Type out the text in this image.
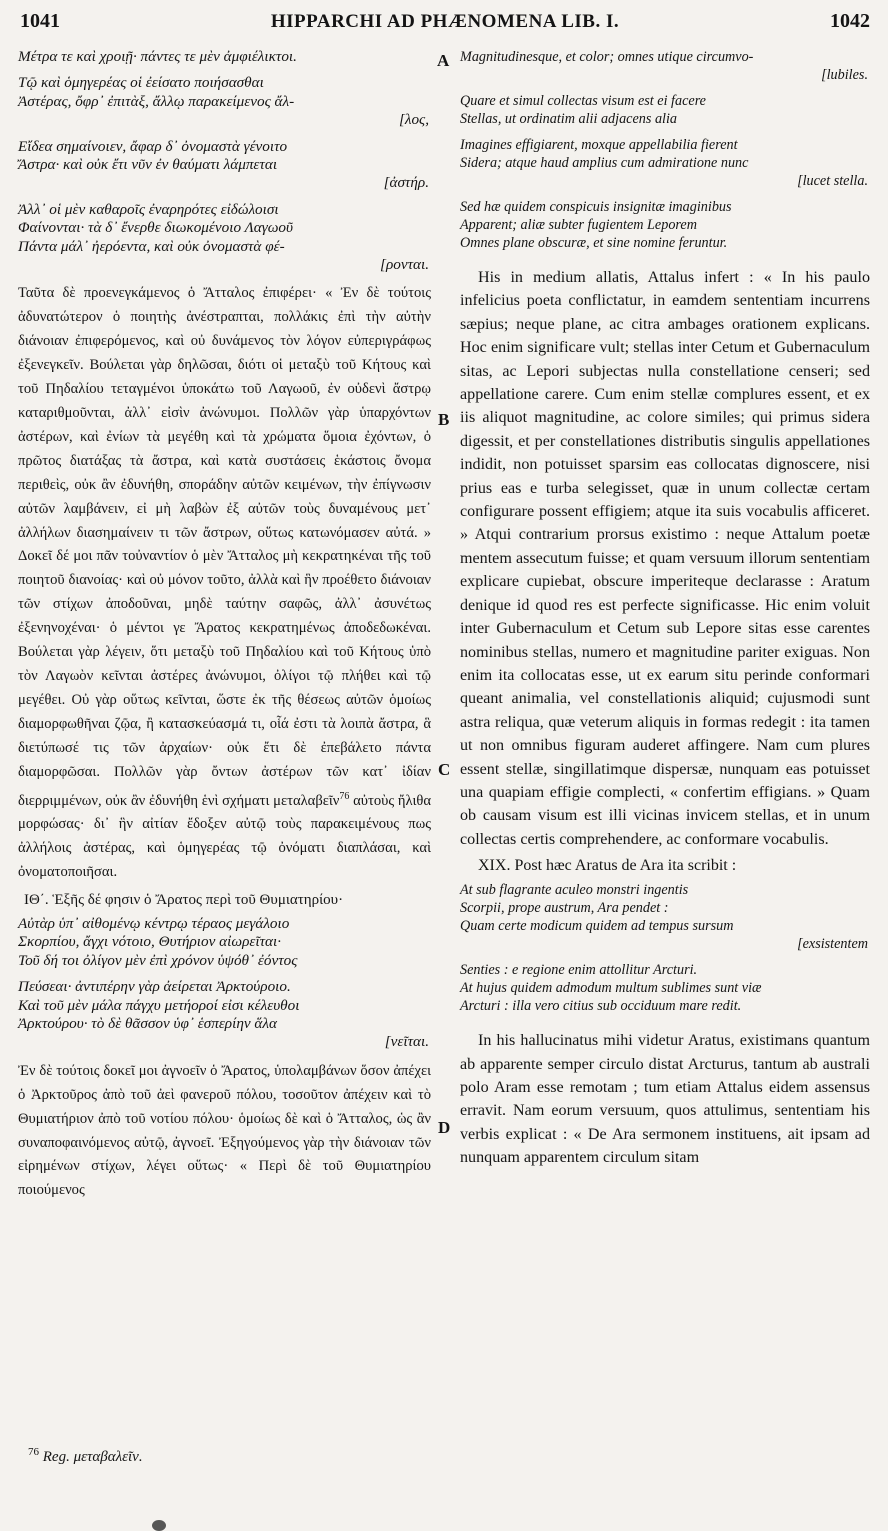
1041	HIPPARCHI AD PHÆNOMENA LIB. I.	1042
Μέτρα τε καὶ χροιῇ· πάντες τε μὲν ἀμφιέλικτοι.
Τῷ καὶ ὁμηγερέας οἱ ἐείσατο ποιήσασθαι
Ἀστέρας, ὄφρ᾽ ἐπιτὰξ, ἄλλῳ παρακείμενος ἄλ-
[λος,
Εἴδεα σημαίνοιεν, ἄφαρ δ᾽ ὀνομαστὰ γένοιτο
Ἄστρα· καὶ οὐκ ἔτι νῦν ἐν θαύματι λάμπεται
[ἀστήρ.
Ἀλλ᾽ οἱ μὲν καθαροῖς ἐναρηρότες εἰδώλοισι
Φαίνονται· τὰ δ᾽ ἔνερθε διωκομένοιο Λαγωοῦ
Πάντα μάλ᾽ ἠερόεντα, καὶ οὐκ ὀνομαστὰ φέ-
[ρονται.

Ταῦτα δὲ προενεγκάμενος ὁ Ἄτταλος ἐπιφέρει· « Ἐν δὲ τούτοις ἀδυνατώτερον ὁ ποιητὴς ἀνέστραπται, πολλάκις ἐπὶ τὴν αὐτὴν διάνοιαν ἐπιφερόμενος, καὶ οὐ δυνάμενος τὸν λόγον εὐπεριγράφως ἐξενεγκεῖν. Βούλεται γὰρ δηλῶσαι, διότι οἱ μεταξὺ τοῦ Κήτους καὶ τοῦ Πηδαλίου τεταγμένοι ὑποκάτω τοῦ Λαγωοῦ, ἐν οὐδενὶ ἄστρῳ καταριθμοῦνται, ἀλλ᾽ εἰσὶν ἀνώνυμοι. Πολλῶν γὰρ ὑπαρχόντων ἀστέρων, καὶ ἐνίων τὰ μεγέθη καὶ τὰ χρώματα ὅμοια ἐχόντων, ὁ πρῶτος διατάξας τὰ ἄστρα, καὶ κατὰ συστάσεις ἑκάστοις ὄνομα περιθεὶς, οὐκ ἂν ἐδυνήθη, σποράδην αὐτῶν κειμένων, τὴν ἐπίγνωσιν αὐτῶν λαμβάνειν, εἰ μὴ λαβὼν ἐξ αὐτῶν τοὺς δυναμένους μετ᾽ ἀλλήλων διασημαίνειν τι τῶν ἄστρων, οὕτως κατωνόμασεν αὐτά. » Δοκεῖ δέ μοι πᾶν τοὐναντίον ὁ μὲν Ἄτταλος μὴ κεκρατηκέναι τῆς τοῦ ποιητοῦ διανοίας· καὶ οὐ μόνον τοῦτο, ἀλλὰ καὶ ἣν προέθετο διάνοιαν τῶν στίχων ἀποδοῦναι, μηδὲ ταύτην σαφῶς, ἀλλ᾽ ἀσυνέτως ἐξενηνοχέναι· ὁ μέντοι γε Ἄρατος κεκρατημένως ἀποδεδωκέναι. Βούλεται γὰρ λέγειν, ὅτι μεταξὺ τοῦ Πηδαλίου καὶ τοῦ Κήτους ὑπὸ τὸν Λαγωὸν κεῖνται ἀστέρες ἀνώνυμοι, ὀλίγοι τῷ πλήθει καὶ τῷ μεγέθει. Οὐ γὰρ οὕτως κεῖνται, ὥστε ἐκ τῆς θέσεως αὐτῶν ὁμοίως διαμορφωθῆναι ζῷα, ἢ κατασκεύασμά τι, οἷά ἐστι τὰ λοιπὰ ἄστρα, ἃ διετύπωσέ τις τῶν ἀρχαίων· οὐκ ἔτι δὲ ἐπεβάλετο πάντα διαμορφῶσαι. Πολλῶν γὰρ ὄντων ἀστέρων τῶν κατ᾽ ἰδίαν διερριμμένων, οὐκ ἂν ἐδυνήθη ἑνὶ σχήματι μεταλαβεῖν$^{76}$ αὐτοὺς ἤλιθα μορφώσας· δι᾽ ἣν αἰτίαν ἔδοξεν αὐτῷ τοὺς παρακειμένους πως ἀλλήλοις ἀστέρας, καὶ ὁμηγερέας τῷ ὀνόματι διαπλάσαι, καὶ ὀνοματοποιῆσαι.

ΙΘ΄. Ἑξῆς δέ φησιν ὁ Ἄρατος περὶ τοῦ Θυμιατηρίου·
Αὐτὰρ ὑπ᾽ αἰθομένῳ κέντρῳ τέραος μεγάλοιο
Σκορπίου, ἄγχι νότοιο, Θυτήριον αἰωρεῖται·
Τοῦ δή τοι ὀλίγον μὲν ἐπὶ χρόνον ὑψόθ᾽ ἐόντος
Πεύσεαι· ἀντιπέρην γὰρ ἀείρεται Ἀρκτούροιο.
Καὶ τοῦ μὲν μάλα πάγχυ μετήοροί εἰσι κέλευθοι
Ἀρκτούρου· τὸ δὲ θᾶσσον ὑφ᾽ ἑσπερίην ἅλα
[νεῖται.

Ἐν δὲ τούτοις δοκεῖ μοι ἀγνοεῖν ὁ Ἄρατος, ὑπολαμβάνων ὅσον ἀπέχει ὁ Ἀρκτοῦρος ἀπὸ τοῦ ἀεὶ φανεροῦ πόλου, τοσοῦτον ἀπέχειν καὶ τὸ Θυμιατήριον ἀπὸ τοῦ νοτίου πόλου· ὁμοίως δὲ καὶ ὁ Ἄτταλος, ὡς ἂν συναποφαινόμενος αὐτῷ, ἀγνοεῖ. Ἐξηγούμενος γὰρ τὴν διάνοιαν τῶν εἰρημένων στίχων, λέγει οὕτως· « Περὶ δὲ τοῦ Θυμιατηρίου ποιούμενος

Magnitudinesque, et color; omnes utique circumvo-
[lubiles.
Quare et simul collectas visum est ei facere
Stellas, ut ordinatim alii adjacens alia
Imagines effigiarent, moxque appellabilia fierent
Sidera; atque haud amplius cum admiratione nunc
[lucet stella.
Sed hæ quidem conspicuis insignitæ imaginibus
Apparent; aliæ subter fugientem Leporem
Omnes plane obscuræ, et sine nomine feruntur.

His in medium allatis, Attalus infert : « In his paulo infelicius poeta conflictatur, in eamdem sententiam incurrens sæpius; neque plane, ac citra ambages orationem explicans. Hoc enim significare vult; stellas inter Cetum et Gubernaculum sitas, ac Lepori subjectas nulla constellatione censeri; sed appellatione carere. Cum enim stellæ complures essent, et ex iis aliquot magnitudine, ac colore similes; qui primus sidera digessit, et per constellationes distributis singulis appellationes indidit, non potuisset sparsim eas collocatas dignoscere, nisi prius eas e turba selegisset, quæ in unum collectæ certam configurare possent effigiem; atque ita suis vocabulis afficeret. » Atqui contrarium prorsus existimo : neque Attalum poetæ mentem assecutum fuisse; et quam versuum illorum sententiam explicare cupiebat, obscure imperiteque declarasse : Aratum denique id quod res est perfecte significasse. Hic enim voluit inter Gubernaculum et Cetum sub Lepore sitas esse carentes nominibus stellas, numero et magnitudine pariter exiguas. Non enim ita collocatas esse, ut ex earum situ perinde conformari queant animalia, vel constellationis aliquid; cujusmodi sunt astra reliqua, quæ veterum aliquis in formas redegit : ita tamen ut non omnibus figuram auderet affingere. Nam cum plures essent stellæ, singillatimque dispersæ, nunquam eas potuisset una quapiam effigie complecti, « confertim effigians. » Quam ob causam visum est illi vicinas invicem stellas, et in unum collectas certis comprehendere, ac conformare vocabulis.

XIX. Post hæc Aratus de Ara ita scribit :
At sub flagrante aculeo monstri ingentis
Scorpii, prope austrum, Ara pendet :
Quam certe modicum quidem ad tempus sursum
[exsistentem
Senties : e regione enim attollitur Arcturi.
At hujus quidem admodum multum sublimes sunt viæ
Arcturi : illa vero citius sub occiduum mare redit.

In his hallucinatus mihi videtur Aratus, existimans quantum ab apparente semper circulo distat Arcturus, tantum ab australi polo Aram esse remotam ; tum etiam Attalus eidem assensus erravit. Nam eorum versuum, quos attulimus, sententiam his verbis explicat : « De Ara sermonem instituens, ait ipsam ad nunquam apparentem circulum sitam

A
B
C
D
$^{76}$ Reg. μεταβαλεῖν.
